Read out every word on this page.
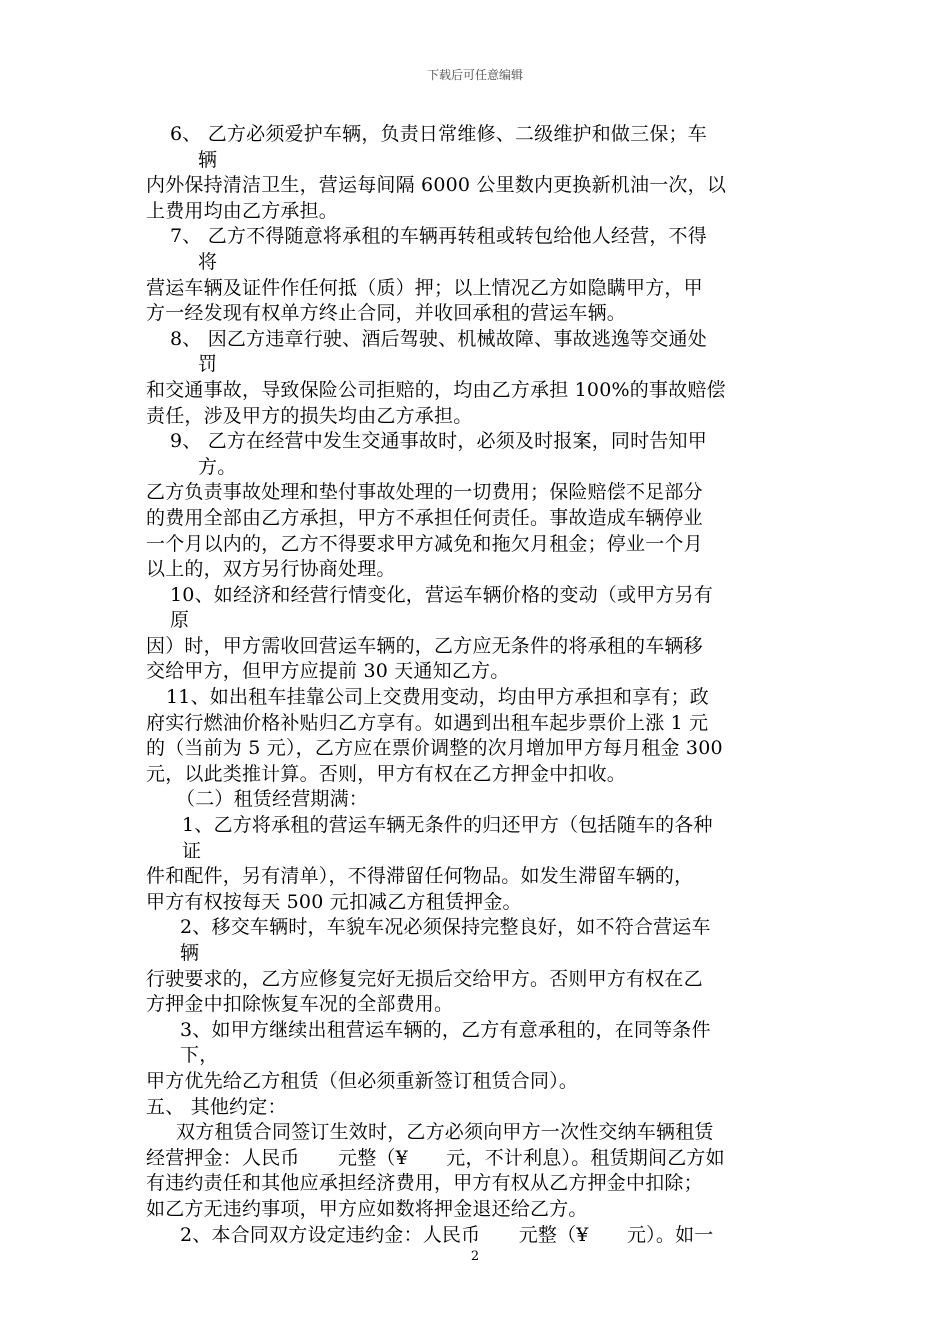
下载后可任意编辑
6、 乙方必须爱护车辆，负责日常维修、二级维护和做三保；车
辆
内外保持清洁卫生，营运每间隔 6000 公里数内更换新机油一次，以
上费用均由乙方承担。
7、 乙方不得随意将承租的车辆再转租或转包给他人经营，不得
将
营运车辆及证件作任何抵（质）押；以上情况乙方如隐瞒甲方，甲
方一经发现有权单方终止合同，并收回承租的营运车辆。
8、 因乙方违章行驶、酒后驾驶、机械故障、事故逃逸等交通处
罚
和交通事故，导致保险公司拒赔的，均由乙方承担 100%的事故赔偿
责任，涉及甲方的损失均由乙方承担。
9、 乙方在经营中发生交通事故时，必须及时报案，同时告知甲
方。
乙方负责事故处理和垫付事故处理的一切费用；保险赔偿不足部分
的费用全部由乙方承担，甲方不承担任何责任。事故造成车辆停业
一个月以内的，乙方不得要求甲方减免和拖欠月租金；停业一个月
以上的，双方另行协商处理。
10、如经济和经营行情变化，营运车辆价格的变动（或甲方另有
原
因）时，甲方需收回营运车辆的，乙方应无条件的将承租的车辆移
交给甲方，但甲方应提前 30 天通知乙方。
11、如出租车挂靠公司上交费用变动，均由甲方承担和享有；政
府实行燃油价格补贴归乙方享有。如遇到出租车起步票价上涨 1 元
的（当前为 5 元），乙方应在票价调整的次月增加甲方每月租金 300
元，以此类推计算。否则，甲方有权在乙方押金中扣收。
（二）租赁经营期满：
1、乙方将承租的营运车辆无条件的归还甲方（包括随车的各种
证
件和配件，另有清单），不得滞留任何物品。如发生滞留车辆的，
甲方有权按每天 500 元扣减乙方租赁押金。
2、移交车辆时，车貌车况必须保持完整良好，如不符合营运车
辆
行驶要求的，乙方应修复完好无损后交给甲方。否则甲方有权在乙
方押金中扣除恢复车况的全部费用。
3、如甲方继续出租营运车辆的，乙方有意承租的，在同等条件
下，
甲方优先给乙方租赁（但必须重新签订租赁合同）。
五、 其他约定：
双方租赁合同签订生效时，乙方必须向甲方一次性交纳车辆租赁
经营押金：人民币　　元整（¥　　元，不计利息）。租赁期间乙方如
有违约责任和其他应承担经济费用，甲方有权从乙方押金中扣除；
如乙方无违约事项，甲方应如数将押金退还给乙方。
2、本合同双方设定违约金：人民币　　元整（¥　　元）。如一
2
